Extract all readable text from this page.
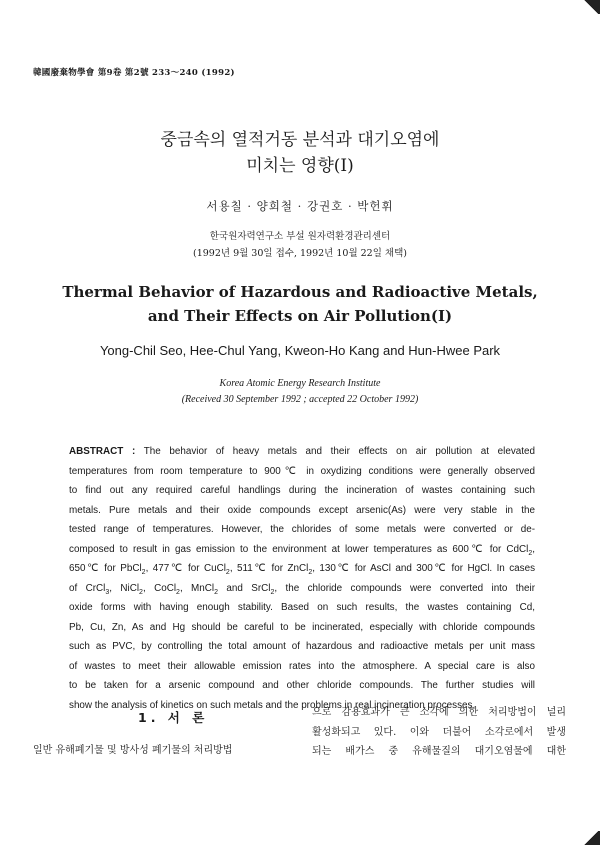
韓國廢棄物學會 第9卷 第2號 233～240 (1992)
중금속의 열적거동 분석과 대기오염에
미치는 영향(I)
서용칠 · 양희철 · 강권호 · 박헌휘
한국원자력연구소 부설 원자력환경관리센터
(1992년 9월 30일 접수, 1992년 10월 22일 채택)
Thermal Behavior of Hazardous and Radioactive Metals,
and Their Effects on Air Pollution(I)
Yong-Chil Seo, Hee-Chul Yang, Kweon-Ho Kang and Hun-Hwee Park
Korea Atomic Energy Research Institute
(Received 30 September 1992 ; accepted 22 October 1992)
ABSTRACT : The behavior of heavy metals and their effects on air pollution at elevated
temperatures from room temperature to 900℃ in oxydizing conditions were generally observed
to find out any required careful handlings during the incineration of wastes containing such
metals. Pure metals and their oxide compounds except arsenic(As) were very stable in the
tested range of temperatures. However, the chlorides of some metals were converted or de-
composed to result in gas emission to the environment at lower temperatures as 600℃ for CdCl$_2$,
650℃ for PbCl$_2$, 477℃ for CuCl$_2$, 511℃ for ZnCl$_2$, 130℃ for AsCl and 300℃ for HgCl. In cases
of CrCl$_3$, NiCl$_2$, CoCl$_2$, MnCl$_2$ and SrCl$_2$, the chloride compounds were converted into their
oxide forms with having enough stability. Based on such results, the wastes containing Cd,
Pb, Cu, Zn, As and Hg should be careful to be incinerated, especially with chloride compounds
such as PVC, by controlling the total amount of hazardous and radioactive metals per unit mass
of wastes to meet their allowable emission rates into the atmosphere. A special care is also
to be taken for a arsenic compound and other chloride compounds. The further studies will
show the analysis of kinetics on such metals and the problems in real incineration processes.
1. 서 론
일반 유해폐기물 및 방사성 폐기물의 처리방법
으로 감용효과가 큰 소각에 의한 처리방법이 널리
활성화되고 있다. 이와 더불어 소각로에서 발생
되는 배가스 중 유해물질의 대기오염물에 대한
